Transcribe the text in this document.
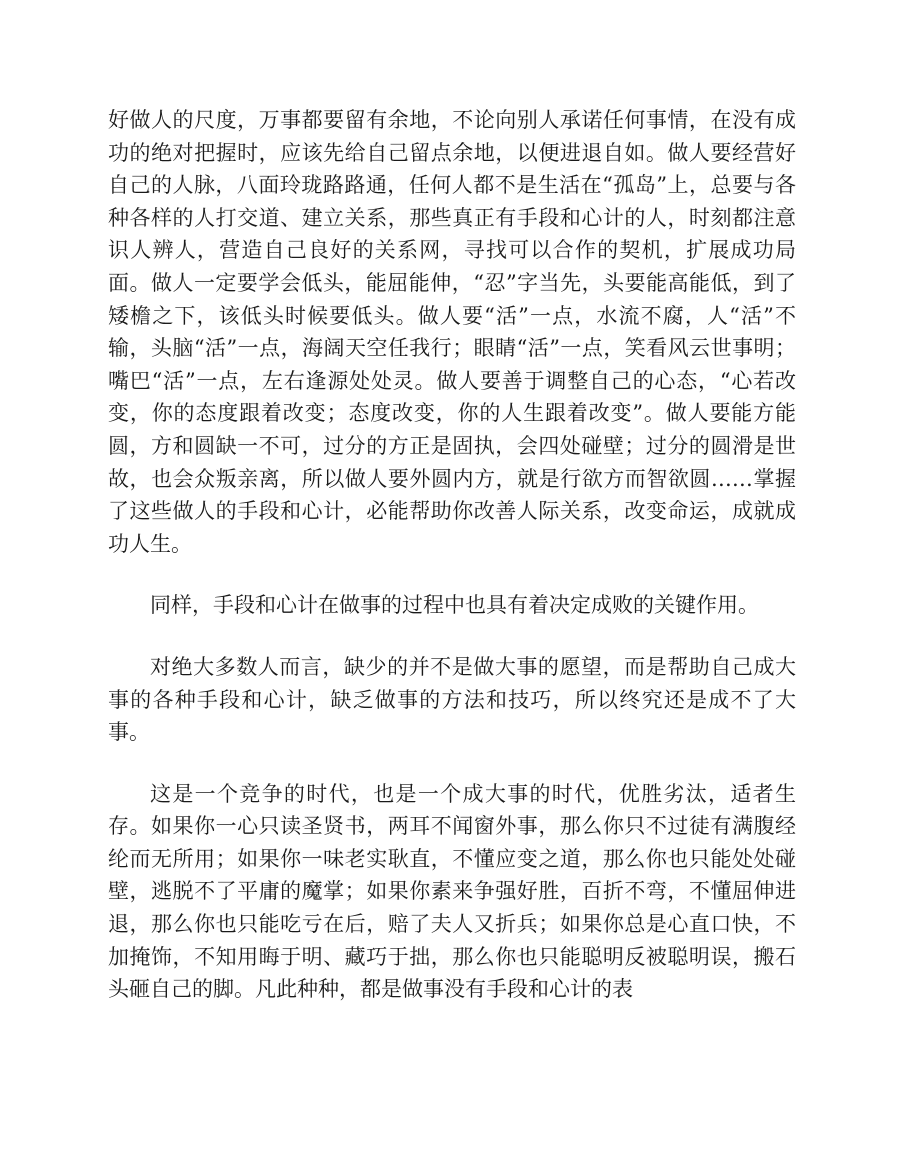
好做人的尺度，万事都要留有余地，不论向别人承诺任何事情，在没有成功的绝对把握时，应该先给自己留点余地，以便进退自如。做人要经营好自己的人脉，八面玲珑路路通，任何人都不是生活在“孤岛”上，总要与各种各样的人打交道、建立关系，那些真正有手段和心计的人，时刻都注意识人辨人，营造自己良好的关系网，寻找可以合作的契机，扩展成功局面。做人一定要学会低头，能屈能伸，“忍”字当先，头要能高能低，到了矮檐之下，该低头时候要低头。做人要“活”一点，水流不腐，人“活”不输，头脑“活”一点，海阔天空任我行；眼睛“活”一点，笑看风云世事明；嘴巴“活”一点，左右逢源处处灵。做人要善于调整自己的心态，“心若改变，你的态度跟着改变；态度改变，你的人生跟着改变”。做人要能方能圆，方和圆缺一不可，过分的方正是固执，会四处碰壁；过分的圆滑是世故，也会众叛亲离，所以做人要外圆内方，就是行欲方而智欲圆……掌握了这些做人的手段和心计，必能帮助你改善人际关系，改变命运，成就成功人生。

同样，手段和心计在做事的过程中也具有着决定成败的关键作用。

对绝大多数人而言，缺少的并不是做大事的愿望，而是帮助自己成大事的各种手段和心计，缺乏做事的方法和技巧，所以终究还是成不了大事。

这是一个竞争的时代，也是一个成大事的时代，优胜劣汰，适者生存。如果你一心只读圣贤书，两耳不闻窗外事，那么你只不过徒有满腹经纶而无所用；如果你一味老实耿直，不懂应变之道，那么你也只能处处碰壁，逃脱不了平庸的魔掌；如果你素来争强好胜，百折不弯，不懂屈伸进退，那么你也只能吃亏在后，赔了夫人又折兵；如果你总是心直口快，不加掩饰，不知用晦于明、藏巧于拙，那么你也只能聪明反被聪明误，搬石头砸自己的脚。凡此种种，都是做事没有手段和心计的表
